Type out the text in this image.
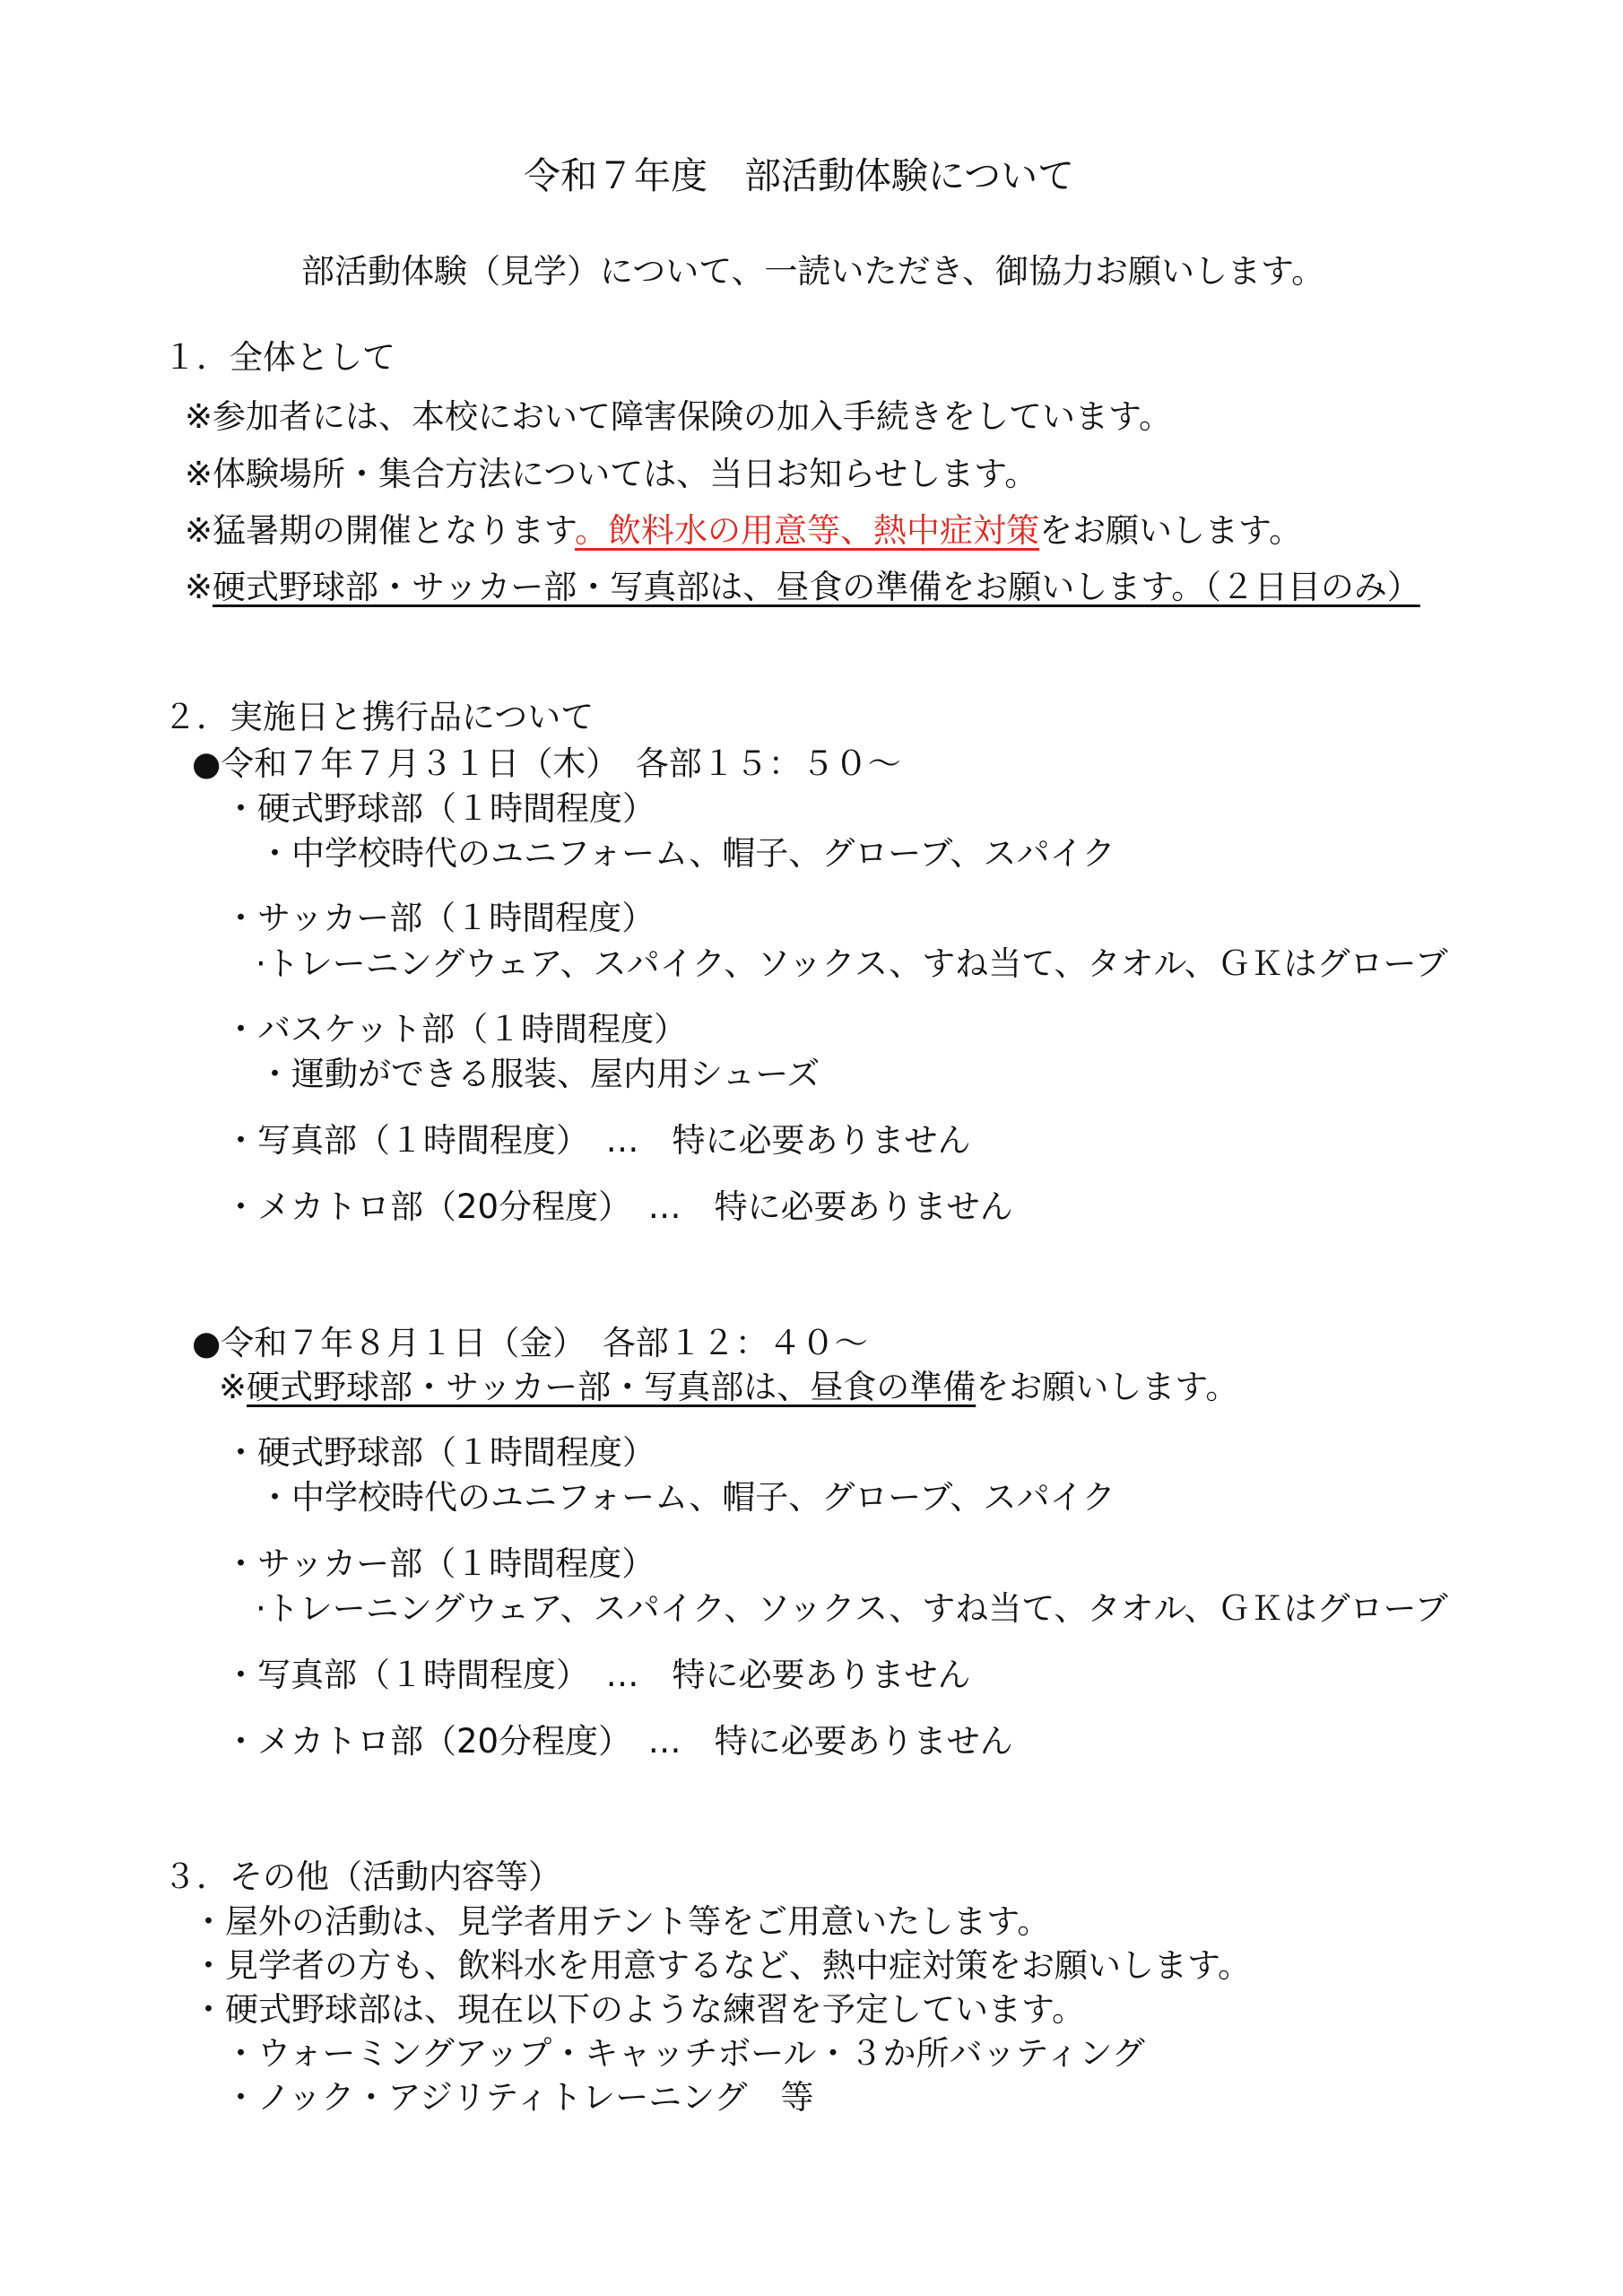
令和７年度　部活動体験について
部活動体験（見学）について、一読いただき、御協力お願いします。
１．全体として
※参加者には、本校において障害保険の加入手続きをしています。
※体験場所・集合方法については、当日お知らせします。
※猛暑期の開催となります。飲料水の用意等、熱中症対策をお願いします。
※硬式野球部・サッカー部・写真部は、昼食の準備をお願いします。（２日目のみ）
２．実施日と携行品について
●令和７年７月３１日（木）　各部１５：５０～
・硬式野球部（１時間程度）
・中学校時代のユニフォーム、帽子、グローブ、スパイク
・サッカー部（１時間程度）
·トレーニングウェア、スパイク、ソックス、すね当て、タオル、ＧＫはグローブ
・バスケット部（１時間程度）
・運動ができる服装、屋内用シューズ
・写真部（１時間程度）　…　特に必要ありません
・メカトロ部（20分程度）　…　特に必要ありません
●令和７年８月１日（金）　各部１２：４０～
※硬式野球部・サッカー部・写真部は、昼食の準備をお願いします。
・硬式野球部（１時間程度）
・中学校時代のユニフォーム、帽子、グローブ、スパイク
・サッカー部（１時間程度）
·トレーニングウェア、スパイク、ソックス、すね当て、タオル、ＧＫはグローブ
・写真部（１時間程度）　…　特に必要ありません
・メカトロ部（20分程度）　…　特に必要ありません
３．その他（活動内容等）
・屋外の活動は、見学者用テント等をご用意いたします。
・見学者の方も、飲料水を用意するなど、熱中症対策をお願いします。
・硬式野球部は、現在以下のような練習を予定しています。
・ウォーミングアップ・キャッチボール・３か所バッティング
・ノック・アジリティトレーニング　等
